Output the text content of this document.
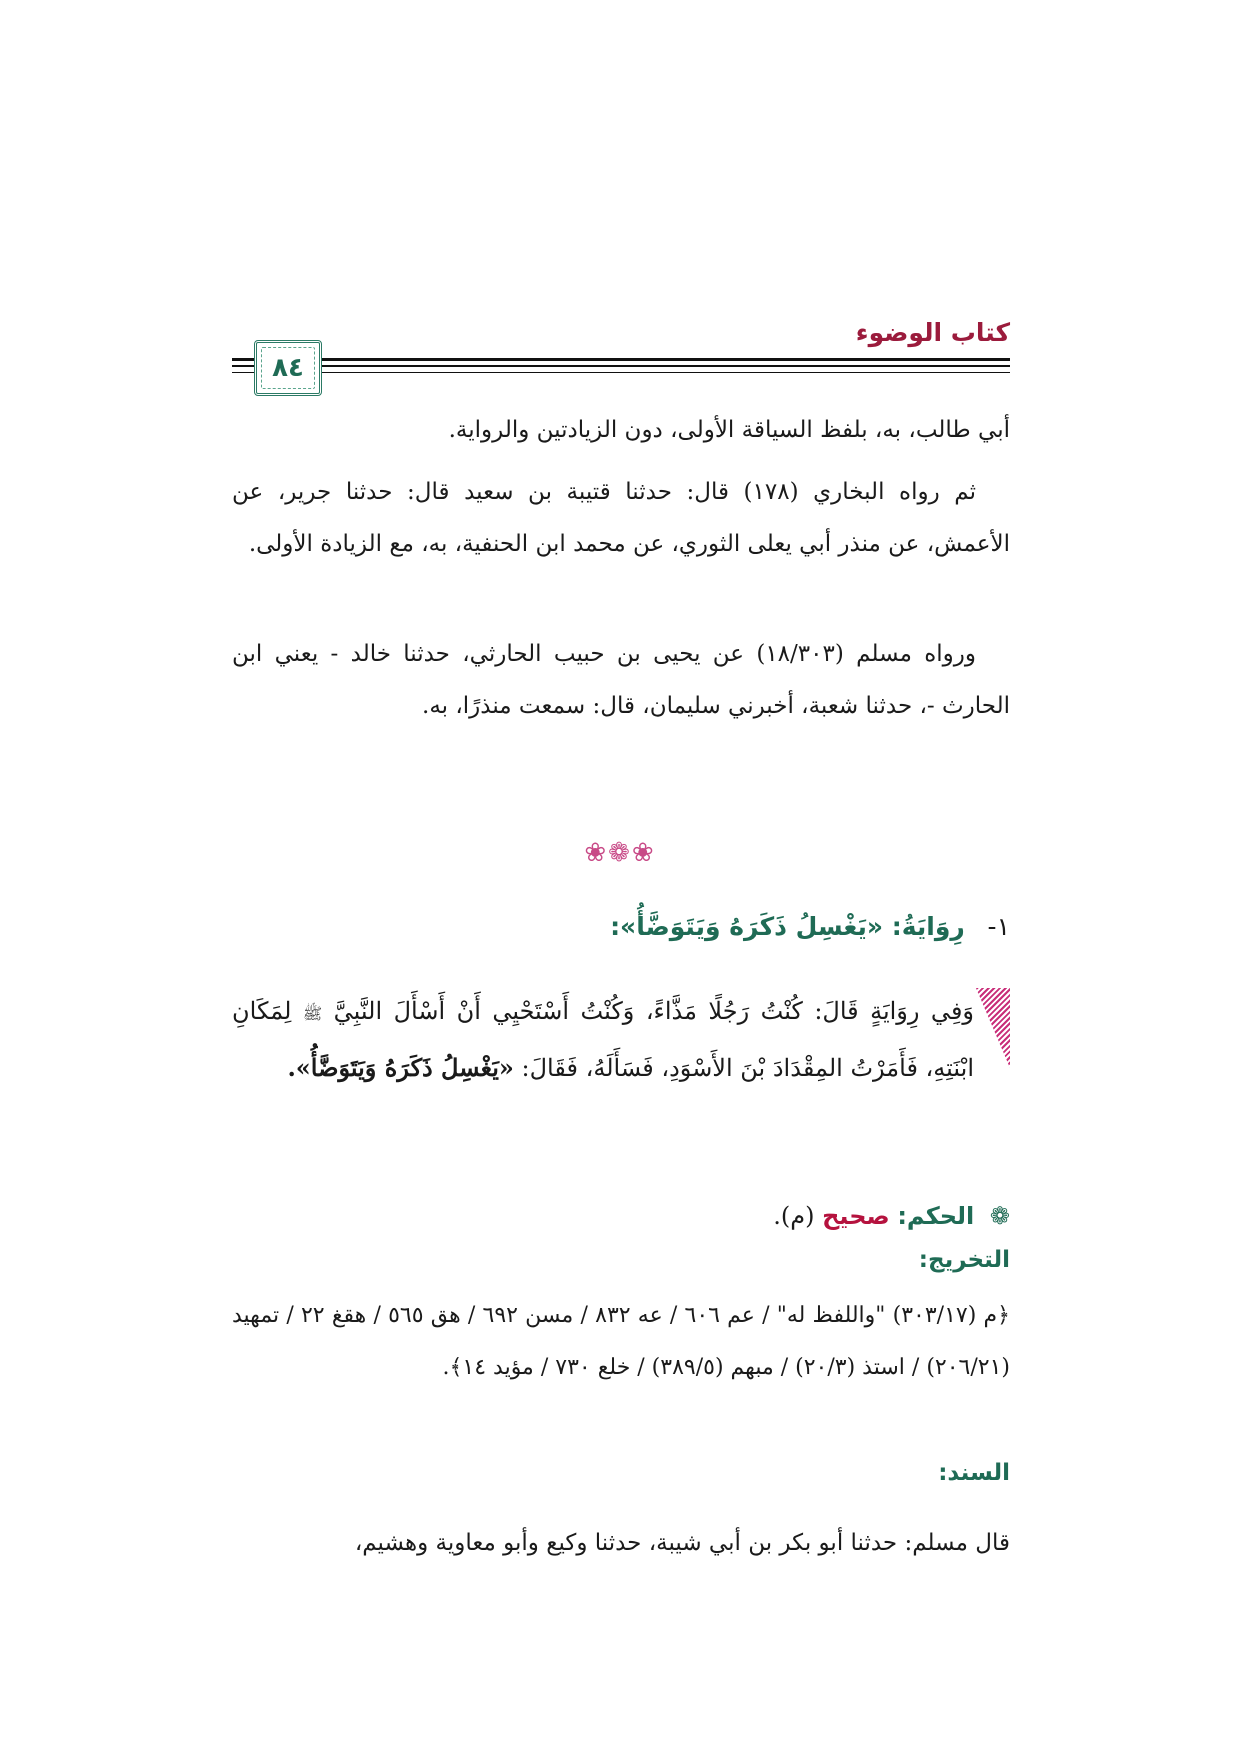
كتاب الوضوء
٨٤

أبي طالب، به، بلفظ السياقة الأولى، دون الزيادتين والرواية.

ثم رواه البخاري (١٧٨) قال: حدثنا قتيبة بن سعيد قال: حدثنا جرير، عن الأعمش، عن منذر أبي يعلى الثوري، عن محمد ابن الحنفية، به، مع الزيادة الأولى.

ورواه مسلم (١٨/٣٠٣) عن يحيى بن حبيب الحارثي، حدثنا خالد - يعني ابن الحارث -، حدثنا شعبة، أخبرني سليمان، قال: سمعت منذرًا، به.

❀❁❀
١- رِوَايَةُ: «يَغْسِلُ ذَكَرَهُ وَيَتَوَضَّأُ»:
وَفِي رِوَايَةٍ قَالَ: كُنْتُ رَجُلًا مَذَّاءً، وَكُنْتُ أَسْتَحْيِي أَنْ أَسْأَلَ النَّبِيَّ ﷺ لِمَكَانِ ابْنَتِهِ، فَأَمَرْتُ المِقْدَادَ بْنَ الأَسْوَدِ، فَسَأَلَهُ، فَقَالَ: «يَغْسِلُ ذَكَرَهُ وَيَتَوَضَّأُ».
❁ الحكم: صحيح (م).
التخريج:

﴿م (٣٠٣/١٧) "واللفظ له" / عم ٦٠٦ / عه ٨٣٢ / مسن ٦٩٢ / هق ٥٦٥ / هقغ ٢٢ / تمهيد (٢٠٦/٢١) / استذ (٢٠/٣) / مبهم (٣٨٩/٥) / خلع ٧٣٠ / مؤيد ١٤﴾.

السند:

قال مسلم: حدثنا أبو بكر بن أبي شيبة، حدثنا وكيع وأبو معاوية وهشيم،
